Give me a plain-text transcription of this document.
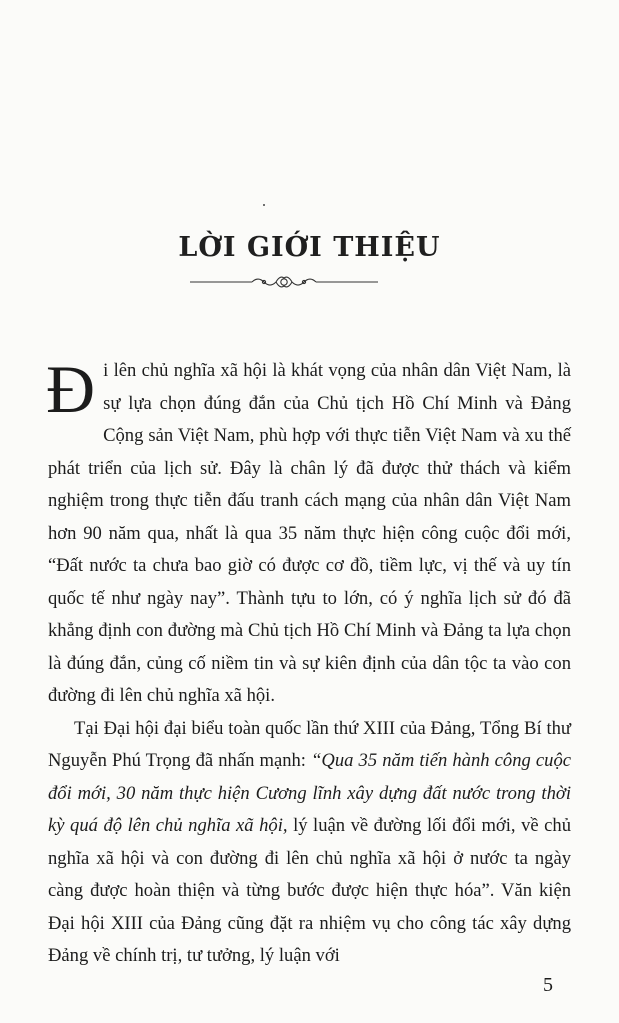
LỜI GIỚI THIỆU

Đi lên chủ nghĩa xã hội là khát vọng của nhân dân Việt Nam, là sự lựa chọn đúng đắn của Chủ tịch Hồ Chí Minh và Đảng Cộng sản Việt Nam, phù hợp với thực tiễn Việt Nam và xu thế phát triển của lịch sử. Đây là chân lý đã được thử thách và kiểm nghiệm trong thực tiễn đấu tranh cách mạng của nhân dân Việt Nam hơn 90 năm qua, nhất là qua 35 năm thực hiện công cuộc đổi mới, “Đất nước ta chưa bao giờ có được cơ đồ, tiềm lực, vị thế và uy tín quốc tế như ngày nay”. Thành tựu to lớn, có ý nghĩa lịch sử đó đã khẳng định con đường mà Chủ tịch Hồ Chí Minh và Đảng ta lựa chọn là đúng đắn, củng cố niềm tin và sự kiên định của dân tộc ta vào con đường đi lên chủ nghĩa xã hội.

Tại Đại hội đại biểu toàn quốc lần thứ XIII của Đảng, Tổng Bí thư Nguyễn Phú Trọng đã nhấn mạnh: “Qua 35 năm tiến hành công cuộc đổi mới, 30 năm thực hiện Cương lĩnh xây dựng đất nước trong thời kỳ quá độ lên chủ nghĩa xã hội, lý luận về đường lối đổi mới, về chủ nghĩa xã hội và con đường đi lên chủ nghĩa xã hội ở nước ta ngày càng được hoàn thiện và từng bước được hiện thực hóa”. Văn kiện Đại hội XIII của Đảng cũng đặt ra nhiệm vụ cho công tác xây dựng Đảng về chính trị, tư tưởng, lý luận với

5
